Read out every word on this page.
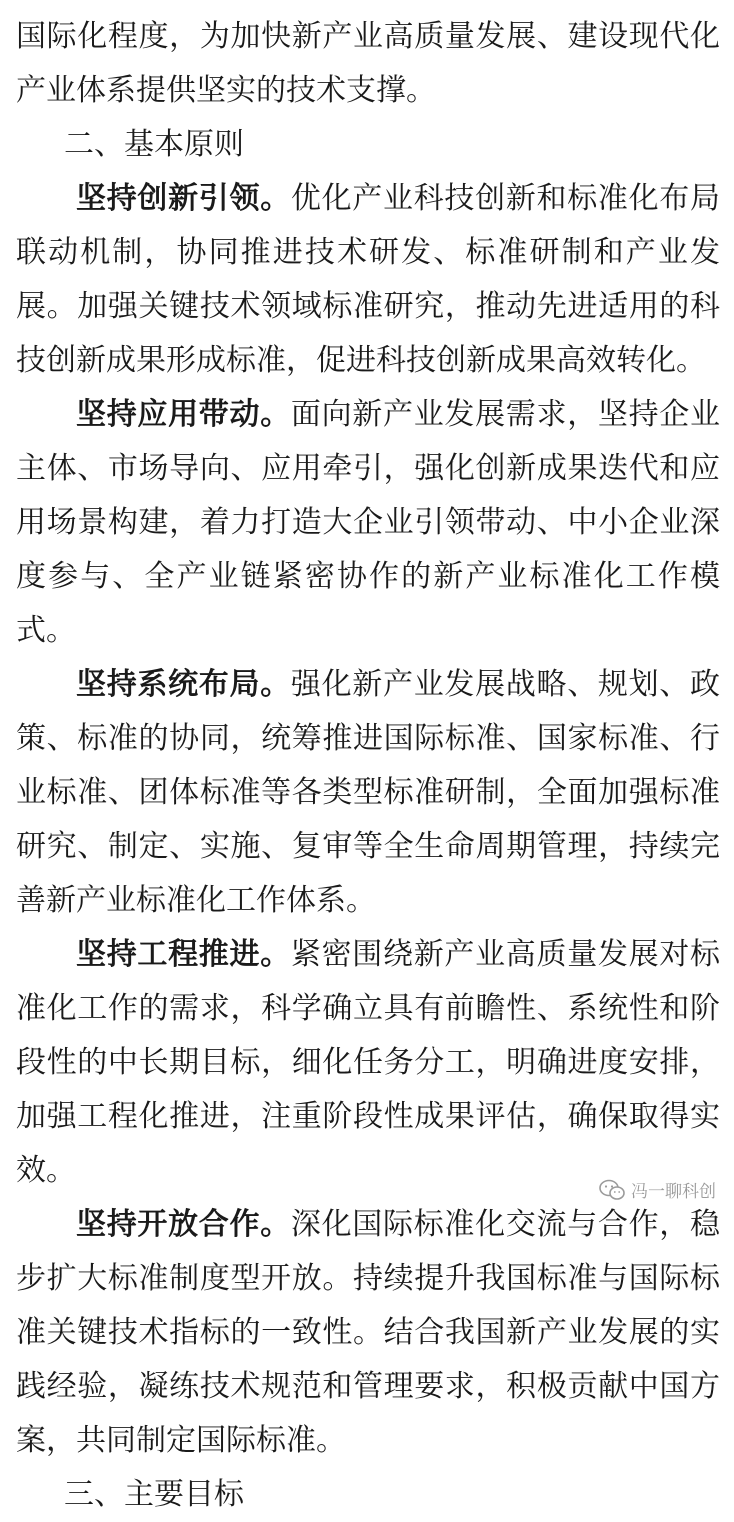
国际化程度，为加快新产业高质量发展、建设现代化产业体系提供坚实的技术支撑。

二、基本原则

坚持创新引领。优化产业科技创新和标准化布局联动机制，协同推进技术研发、标准研制和产业发展。加强关键技术领域标准研究，推动先进适用的科技创新成果形成标准，促进科技创新成果高效转化。

坚持应用带动。面向新产业发展需求，坚持企业主体、市场导向、应用牵引，强化创新成果迭代和应用场景构建，着力打造大企业引领带动、中小企业深度参与、全产业链紧密协作的新产业标准化工作模式。

坚持系统布局。强化新产业发展战略、规划、政策、标准的协同，统筹推进国际标准、国家标准、行业标准、团体标准等各类型标准研制，全面加强标准研究、制定、实施、复审等全生命周期管理，持续完善新产业标准化工作体系。

坚持工程推进。紧密围绕新产业高质量发展对标准化工作的需求，科学确立具有前瞻性、系统性和阶段性的中长期目标，细化任务分工，明确进度安排，加强工程化推进，注重阶段性成果评估，确保取得实效。

坚持开放合作。深化国际标准化交流与合作，稳步扩大标准制度型开放。持续提升我国标准与国际标准关键技术指标的一致性。结合我国新产业发展的实践经验，凝练技术规范和管理要求，积极贡献中国方案，共同制定国际标准。

三、主要目标

冯一聊科创
